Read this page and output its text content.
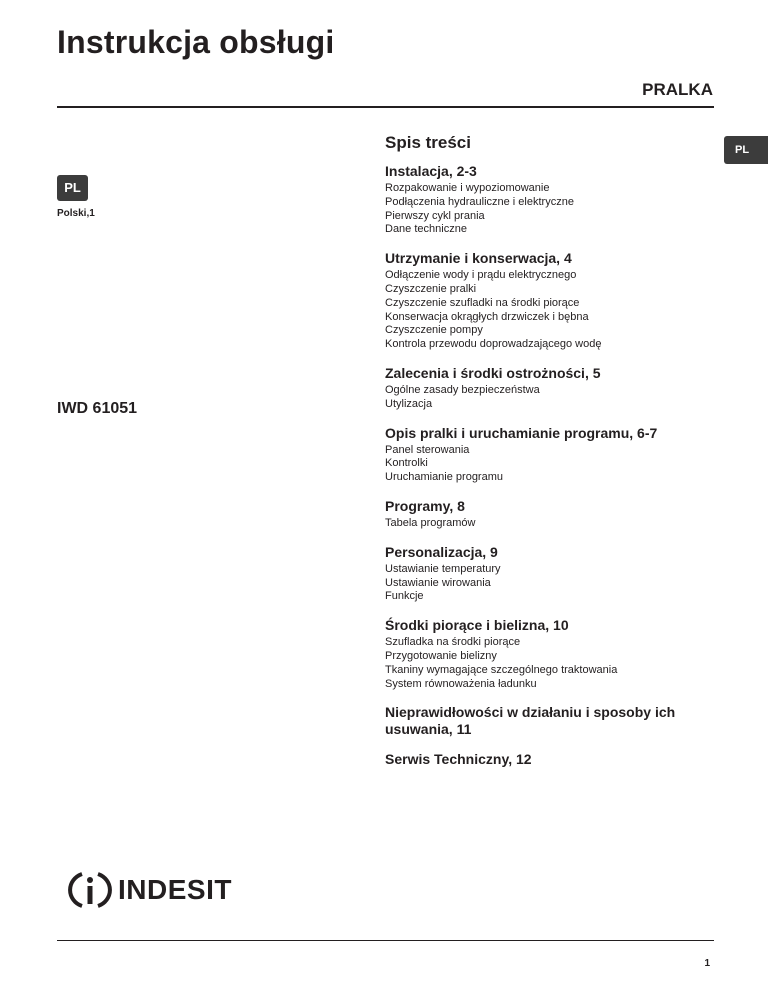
Instrukcja obsługi
PRALKA
PL
PL
Polski,1
IWD 61051
Spis treści
Instalacja, 2-3
Rozpakowanie i wypoziomowanie
Podłączenia hydrauliczne i elektryczne
Pierwszy cykl prania
Dane techniczne
Utrzymanie i konserwacja, 4
Odłączenie wody i prądu elektrycznego
Czyszczenie pralki
Czyszczenie szufladki na środki piorące
Konserwacja okrągłych drzwiczek i bębna
Czyszczenie pompy
Kontrola przewodu doprowadzającego wodę
Zalecenia i środki ostrożności, 5
Ogólne zasady bezpieczeństwa
Utylizacja
Opis pralki i uruchamianie programu, 6-7
Panel sterowania
Kontrolki
Uruchamianie programu
Programy, 8
Tabela programów
Personalizacja, 9
Ustawianie temperatury
Ustawianie wirowania
Funkcje
Środki piorące i bielizna, 10
Szufladka na środki piorące
Przygotowanie bielizny
Tkaniny wymagające szczególnego traktowania
System równoważenia ładunku
Nieprawidłowości w działaniu i sposoby ich usuwania, 11
Serwis Techniczny, 12
INDESIT
1
